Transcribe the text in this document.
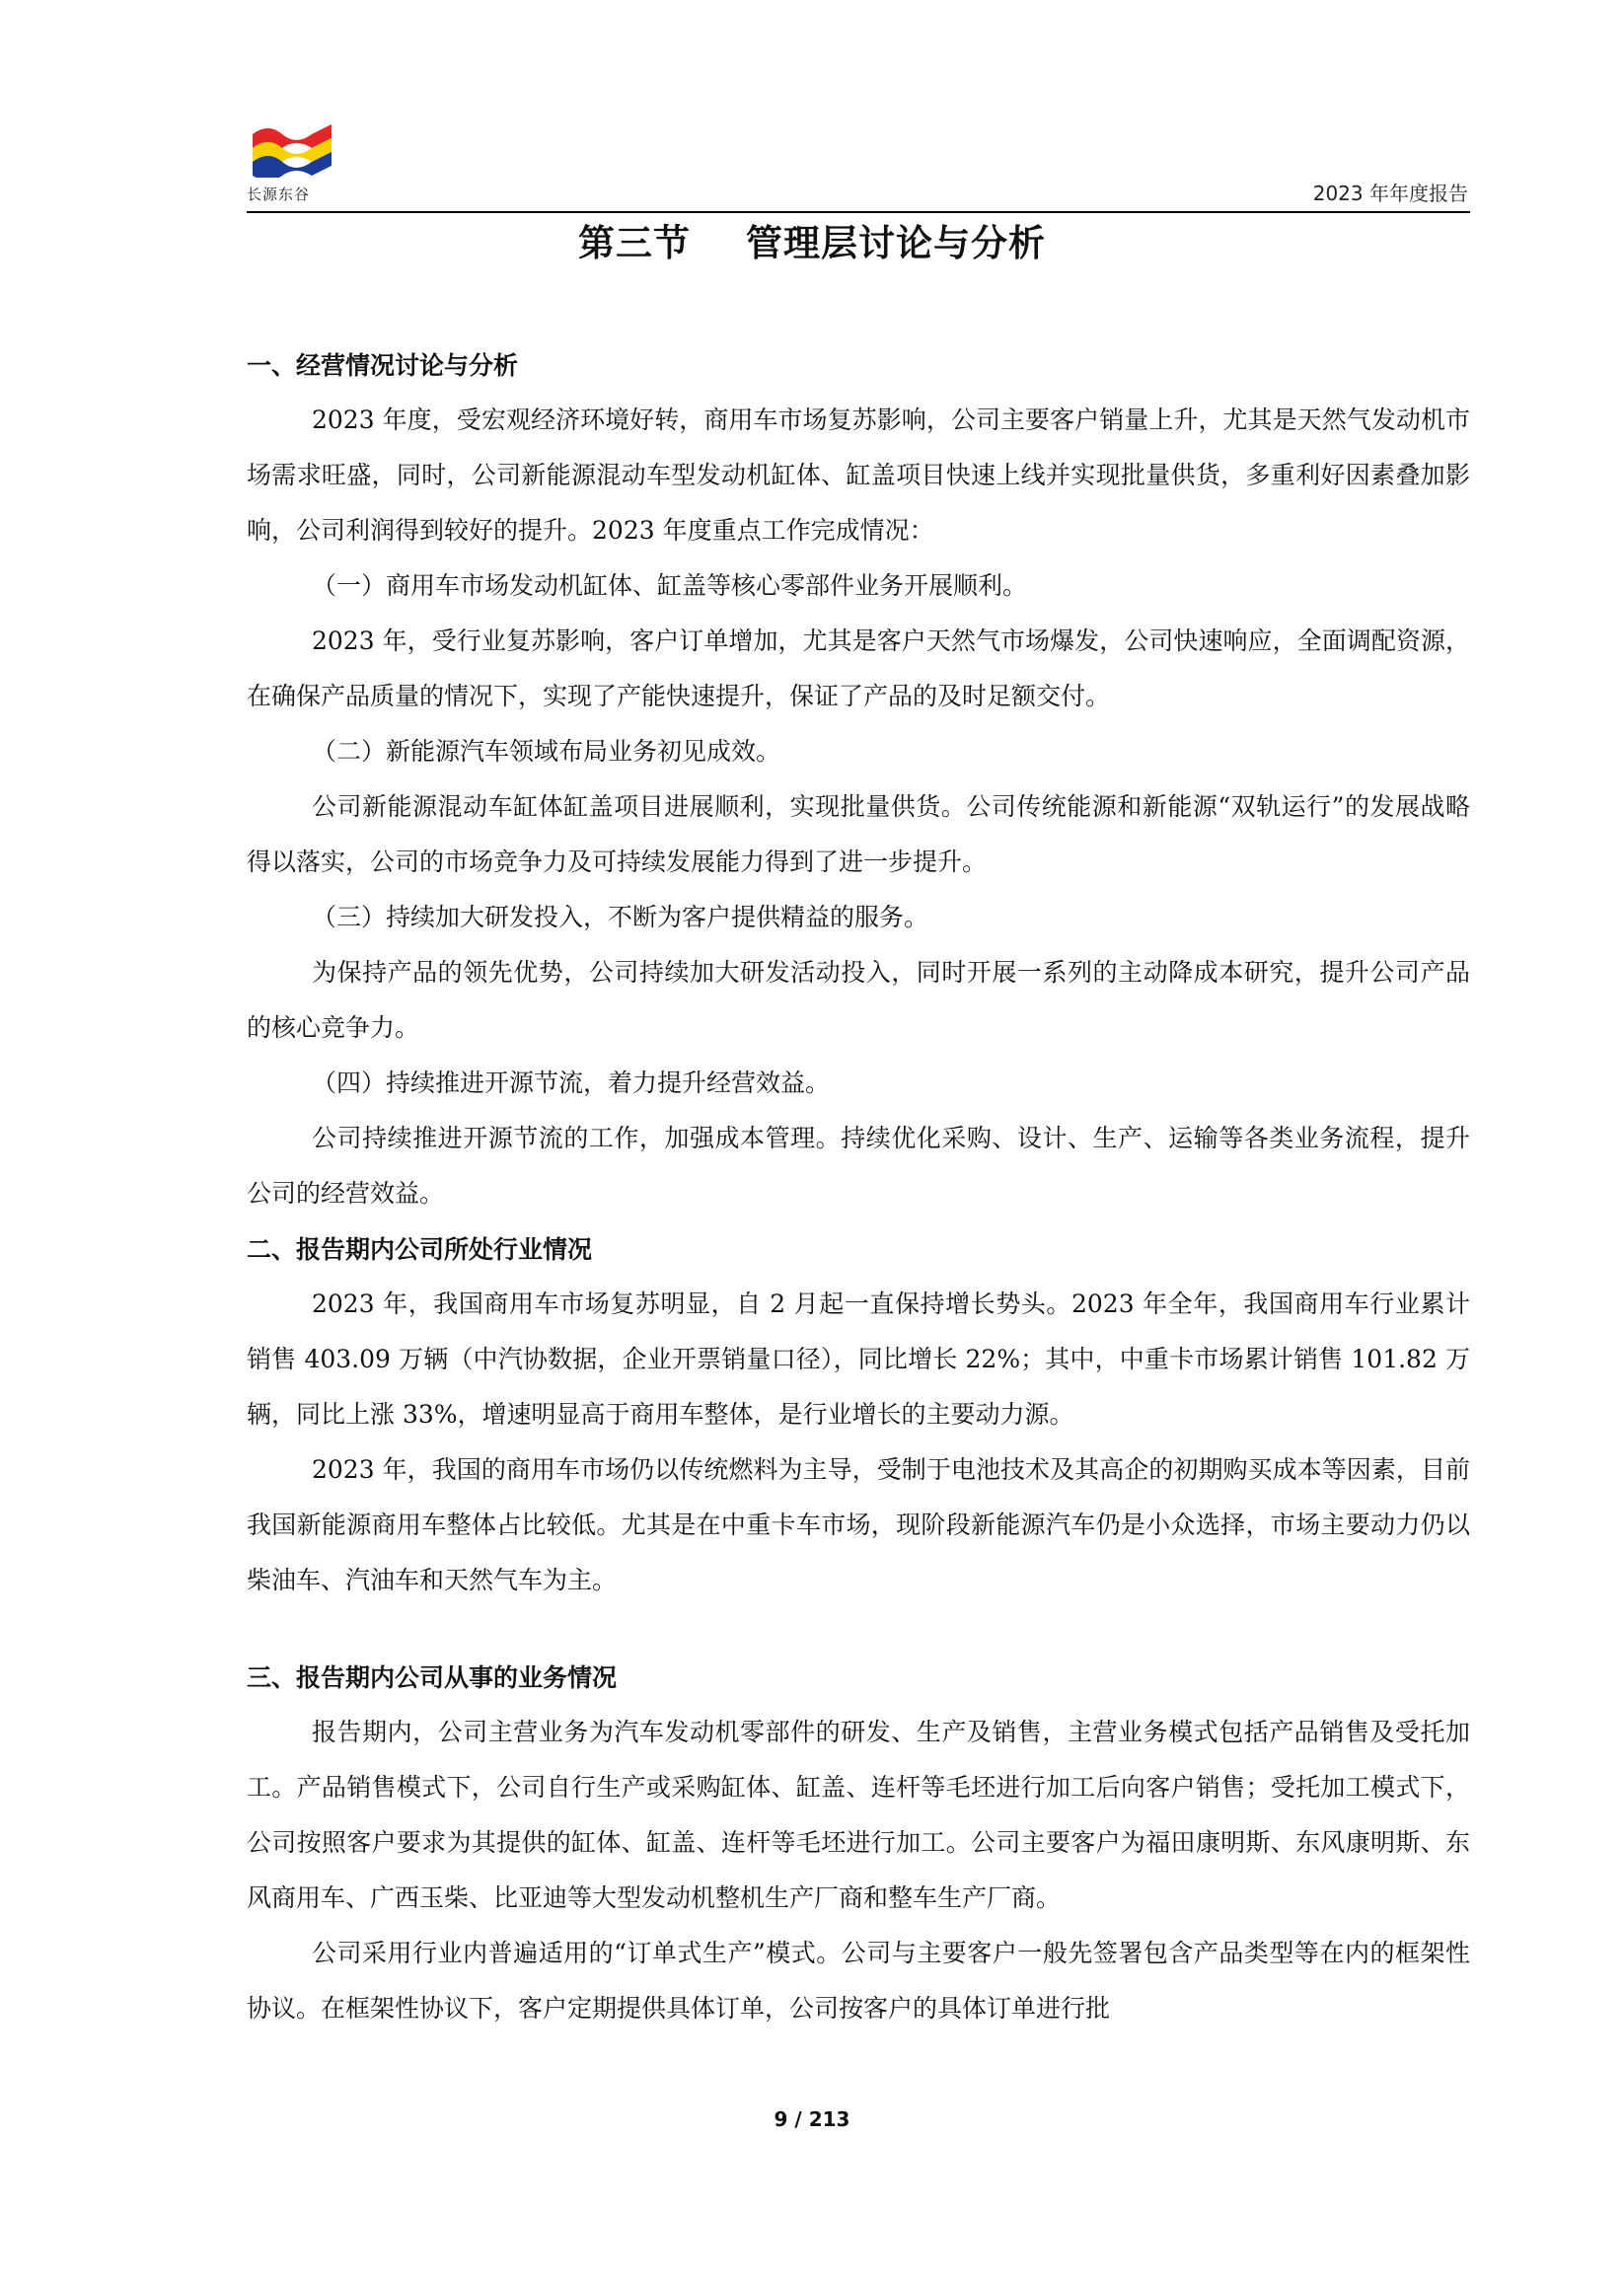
长源东谷	2023 年年度报告
第三节 管理层讨论与分析

一、经营情况讨论与分析

2023 年度，受宏观经济环境好转，商用车市场复苏影响，公司主要客户销量上升，尤其是天然气发动机市场需求旺盛，同时，公司新能源混动车型发动机缸体、缸盖项目快速上线并实现批量供货，多重利好因素叠加影响，公司利润得到较好的提升。2023 年度重点工作完成情况：

（一）商用车市场发动机缸体、缸盖等核心零部件业务开展顺利。

2023 年，受行业复苏影响，客户订单增加，尤其是客户天然气市场爆发，公司快速响应，全面调配资源，在确保产品质量的情况下，实现了产能快速提升，保证了产品的及时足额交付。

（二）新能源汽车领域布局业务初见成效。

公司新能源混动车缸体缸盖项目进展顺利，实现批量供货。公司传统能源和新能源“双轨运行”的发展战略得以落实，公司的市场竞争力及可持续发展能力得到了进一步提升。

（三）持续加大研发投入，不断为客户提供精益的服务。

为保持产品的领先优势，公司持续加大研发活动投入，同时开展一系列的主动降成本研究，提升公司产品的核心竞争力。

（四）持续推进开源节流，着力提升经营效益。

公司持续推进开源节流的工作，加强成本管理。持续优化采购、设计、生产、运输等各类业务流程，提升公司的经营效益。

二、报告期内公司所处行业情况

2023 年，我国商用车市场复苏明显，自 2 月起一直保持增长势头。2023 年全年，我国商用车行业累计销售 403.09 万辆（中汽协数据，企业开票销量口径），同比增长 22%；其中，中重卡市场累计销售 101.82 万辆，同比上涨 33%，增速明显高于商用车整体，是行业增长的主要动力源。

2023 年，我国的商用车市场仍以传统燃料为主导，受制于电池技术及其高企的初期购买成本等因素，目前我国新能源商用车整体占比较低。尤其是在中重卡车市场，现阶段新能源汽车仍是小众选择，市场主要动力仍以柴油车、汽油车和天然气车为主。

三、报告期内公司从事的业务情况

报告期内，公司主营业务为汽车发动机零部件的研发、生产及销售，主营业务模式包括产品销售及受托加工。产品销售模式下，公司自行生产或采购缸体、缸盖、连杆等毛坯进行加工后向客户销售；受托加工模式下，公司按照客户要求为其提供的缸体、缸盖、连杆等毛坯进行加工。公司主要客户为福田康明斯、东风康明斯、东风商用车、广西玉柴、比亚迪等大型发动机整机生产厂商和整车生产厂商。

公司采用行业内普遍适用的“订单式生产”模式。公司与主要客户一般先签署包含产品类型等在内的框架性协议。在框架性协议下，客户定期提供具体订单，公司按客户的具体订单进行批

9 / 213
